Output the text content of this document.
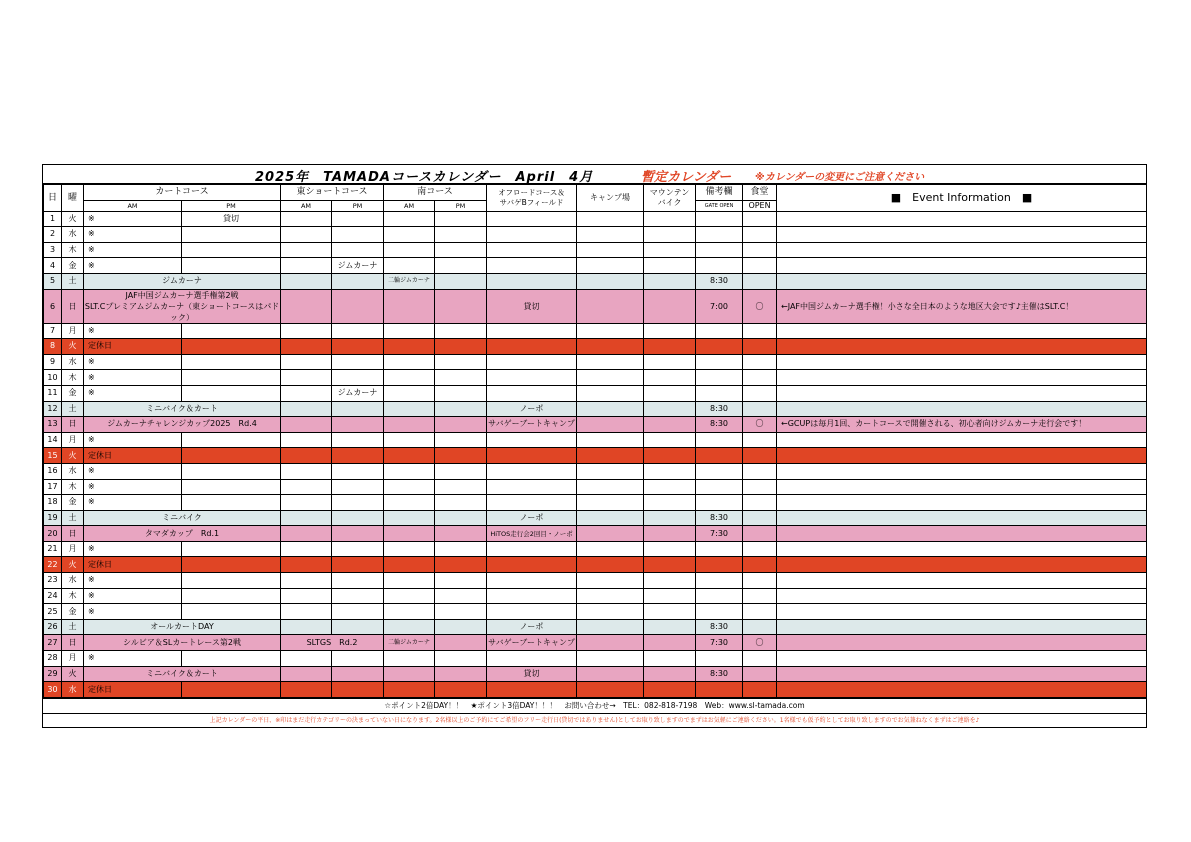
2025年　TAMADAコースカレンダー　April　4月	暫定カレンダー ※カレンダーの変更にご注意ください
日	曜	カートコース		東ショートコース		南コース		オフロードコース＆
サバゲBフィールド	キャンプ場	マウンテン
バイク	備考欄	食堂	■　Event Information　■
		AM	PM	AM	PM	AM	PM				GATE OPEN	OPEN	
1	火	※	貸切										
2	水	※											
3	木	※											
4	金	※			ジムカーナ								
5	土	ジムカーナ				二輪ジムカーナ					8:30		
6	日	JAF中国ジムカーナ選手権第2戦
SLT.Cプレミアムジムカーナ（東ショートコースはパドック）						貸切			7:00	〇	←JAF中国ジムカーナ選手権！小さな全日本のような地区大会です♪主催はSLT.C！
7	月	※											
8	火	定休日											
9	水	※											
10	木	※											
11	金	※			ジムカーナ								
12	土	ミニバイク＆カート						ノーポ			8:30		
13	日	ジムカーナチャレンジカップ2025　Rd.4						サバゲーブートキャンプ			8:30	〇	←GCUPは毎月1回、カートコースで開催される、初心者向けジムカーナ走行会です！
14	月	※											
15	火	定休日											
16	水	※											
17	木	※											
18	金	※											
19	土	ミニバイク						ノーポ			8:30		
20	日	タマダカップ　Rd.1						HiTOS走行会2回目・ノーポ			7:30		
21	月	※											
22	火	定休日											
23	水	※											
24	木	※											
25	金	※											
26	土	オールカートDAY						ノーポ			8:30		
27	日	シルビア＆SLカートレース第2戦		SLTGS　Rd.2		二輪ジムカーナ		サバゲーブートキャンプ			7:30	〇	
28	月	※											
29	火	ミニバイク＆カート						貸切			8:30		
30	水	定休日											
☆ポイント2倍DAY！！　★ポイント3倍DAY！！！　お問い合わせ→　TEL：082-818-7198　Web：www.sl-tamada.com
上記カレンダーの平日、※印はまだ走行カテゴリーの決まっていない日になります。2名様以上のご予約にてご希望のフリー走行日(貸切ではありません)としてお取り致しますのでまずはお気軽にご連絡ください。1名様でも仮予約としてお取り致しますのでお気兼ねなくまずはご連絡を♪
